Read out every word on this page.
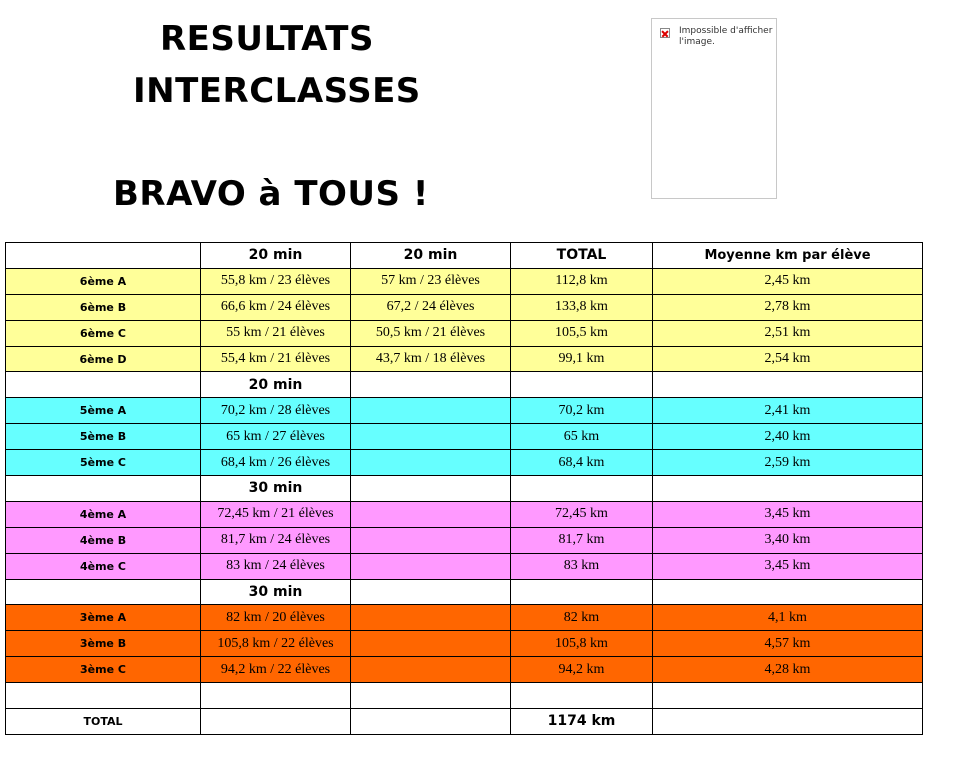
RESULTATS
INTERCLASSES
BRAVO à TOUS !
Impossible d'afficher l'image.
	20 min	20 min	TOTAL	Moyenne km par élève
6ème A	55,8 km / 23 élèves	57 km / 23 élèves	112,8 km	2,45 km
6ème B	66,6 km / 24 élèves	67,2 / 24 élèves	133,8 km	2,78 km
6ème C	55 km / 21 élèves	50,5 km / 21 élèves	105,5 km	2,51 km
6ème D	55,4 km / 21 élèves	43,7 km / 18 élèves	99,1 km	2,54 km
	20 min			
5ème A	70,2 km / 28 élèves		70,2 km	2,41 km
5ème B	65 km / 27 élèves		65 km	2,40 km
5ème C	68,4 km / 26 élèves		68,4 km	2,59 km
	30 min			
4ème A	72,45 km / 21 élèves		72,45 km	3,45 km
4ème B	81,7 km / 24 élèves		81,7 km	3,40 km
4ème C	83 km / 24 élèves		83 km	3,45 km
	30 min			
3ème A	82 km / 20 élèves		82 km	4,1 km
3ème B	105,8 km / 22 élèves		105,8 km	4,57 km
3ème C	94,2 km / 22 élèves		94,2 km	4,28 km

TOTAL			1174 km	
